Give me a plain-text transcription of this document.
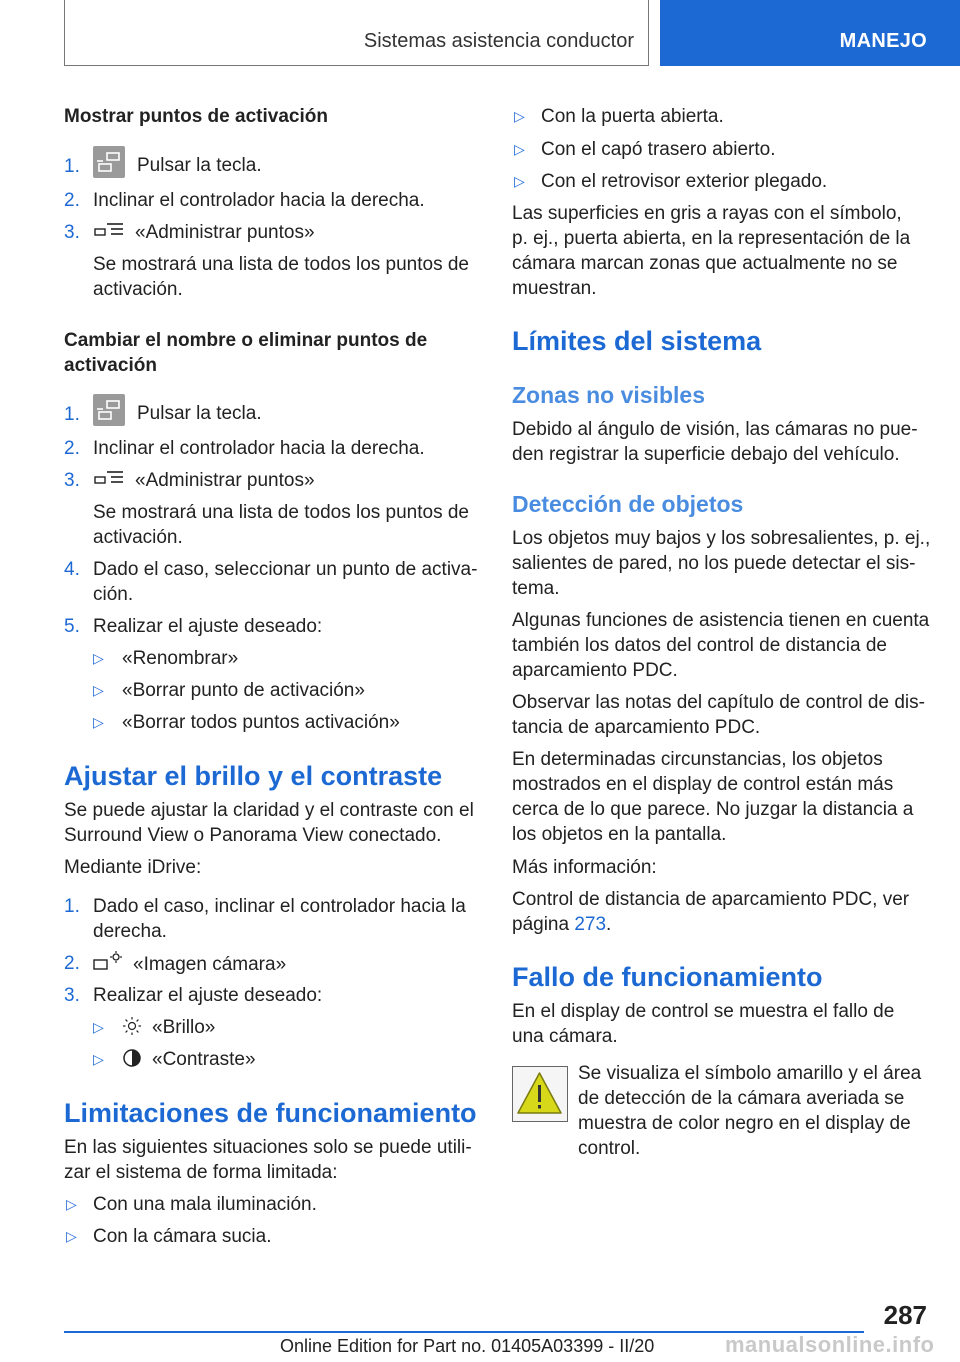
Sistemas asistencia conductor	MANEJO
Mostrar puntos de activación
1.	Pulsar la tecla.
2. Inclinar el controlador hacia la derecha.
3.	«Administrar puntos»
Se mostrará una lista de todos los puntos de activación.
Cambiar el nombre o eliminar puntos de activación
1.	Pulsar la tecla.
2. Inclinar el controlador hacia la derecha.
3.	«Administrar puntos»
Se mostrará una lista de todos los puntos de activación.
4. Dado el caso, seleccionar un punto de activa-ción.
5. Realizar el ajuste deseado:
▷ «Renombrar»
▷ «Borrar punto de activación»
▷ «Borrar todos puntos activación»
Ajustar el brillo y el contraste
Se puede ajustar la claridad y el contraste con el Surround View o Panorama View conectado.
Mediante iDrive:
1. Dado el caso, inclinar el controlador hacia la derecha.
2.	«Imagen cámara»
3. Realizar el ajuste deseado:
▷	«Brillo»
▷	«Contraste»
Limitaciones de funcionamiento
En las siguientes situaciones solo se puede utili-zar el sistema de forma limitada:
▷ Con una mala iluminación.
▷ Con la cámara sucia.
▷ Con la puerta abierta.
▷ Con el capó trasero abierto.
▷ Con el retrovisor exterior plegado.
Las superficies en gris a rayas con el símbolo, p. ej., puerta abierta, en la representación de la cámara marcan zonas que actualmente no se muestran.
Límites del sistema
Zonas no visibles
Debido al ángulo de visión, las cámaras no pue-den registrar la superficie debajo del vehículo.
Detección de objetos
Los objetos muy bajos y los sobresalientes, p. ej., salientes de pared, no los puede detectar el sis-tema.
Algunas funciones de asistencia tienen en cuenta también los datos del control de distancia de aparcamiento PDC.
Observar las notas del capítulo de control de dis-tancia de aparcamiento PDC.
En determinadas circunstancias, los objetos mostrados en el display de control están más cerca de lo que parece. No juzgar la distancia a los objetos en la pantalla.
Más información:
Control de distancia de aparcamiento PDC, ver página 273.
Fallo de funcionamiento
En el display de control se muestra el fallo de una cámara.
Se visualiza el símbolo amarillo y el área de detección de la cámara averiada se muestra de color negro en el display de control.
287
Online Edition for Part no. 01405A03399 - II/20	manualsonline.info
